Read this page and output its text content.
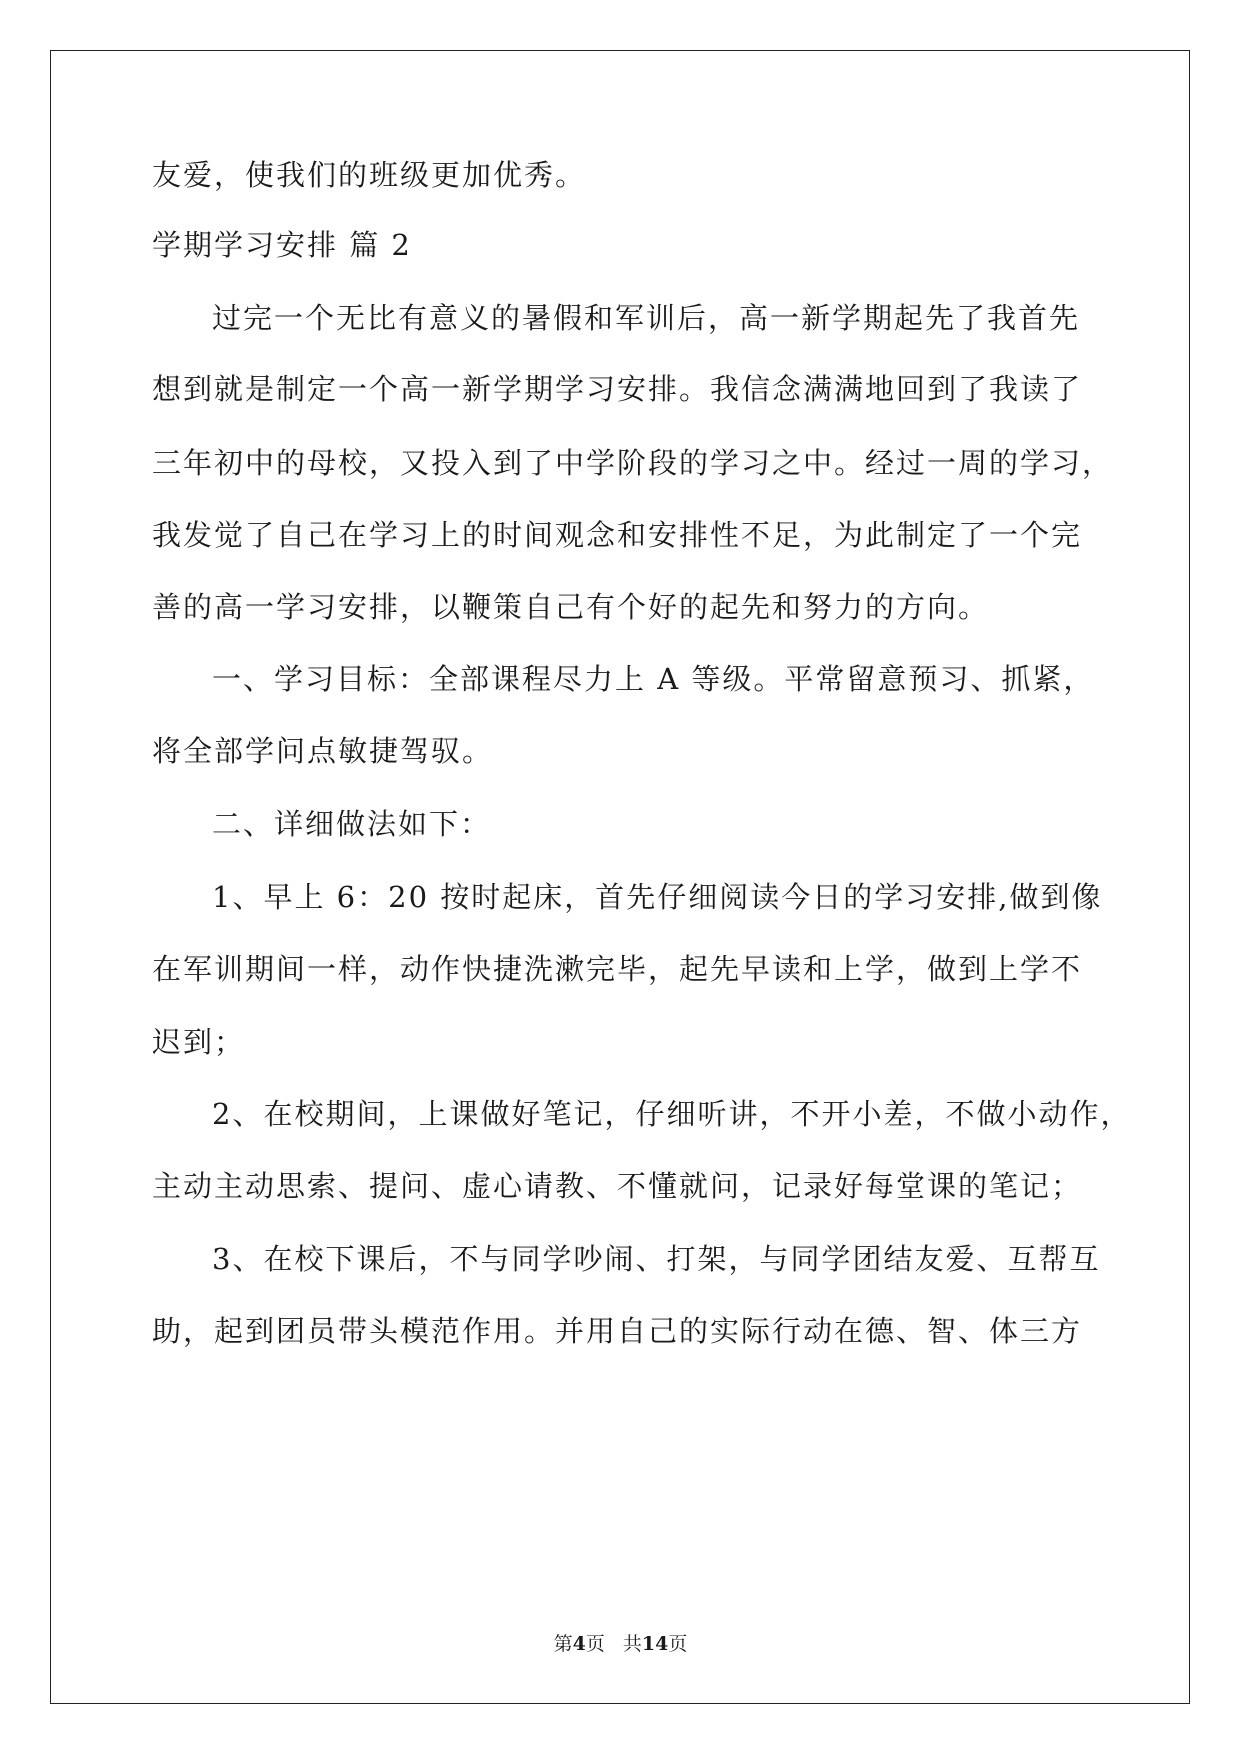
友爱，使我们的班级更加优秀。

学期学习安排 篇 2

过完一个无比有意义的暑假和军训后，高一新学期起先了我首先

想到就是制定一个高一新学期学习安排。我信念满满地回到了我读了

三年初中的母校，又投入到了中学阶段的学习之中。经过一周的学习，

我发觉了自己在学习上的时间观念和安排性不足，为此制定了一个完

善的高一学习安排，以鞭策自己有个好的起先和努力的方向。

一、学习目标：全部课程尽力上 A 等级。平常留意预习、抓紧，

将全部学问点敏捷驾驭。

二、详细做法如下：

1、早上 6：20 按时起床，首先仔细阅读今日的学习安排,做到像

在军训期间一样，动作快捷洗漱完毕，起先早读和上学，做到上学不

迟到；

2、在校期间，上课做好笔记，仔细听讲，不开小差，不做小动作，

主动主动思索、提问、虚心请教、不懂就问，记录好每堂课的笔记；

3、在校下课后，不与同学吵闹、打架，与同学团结友爱、互帮互

助，起到团员带头模范作用。并用自己的实际行动在德、智、体三方

第4页 共14页
